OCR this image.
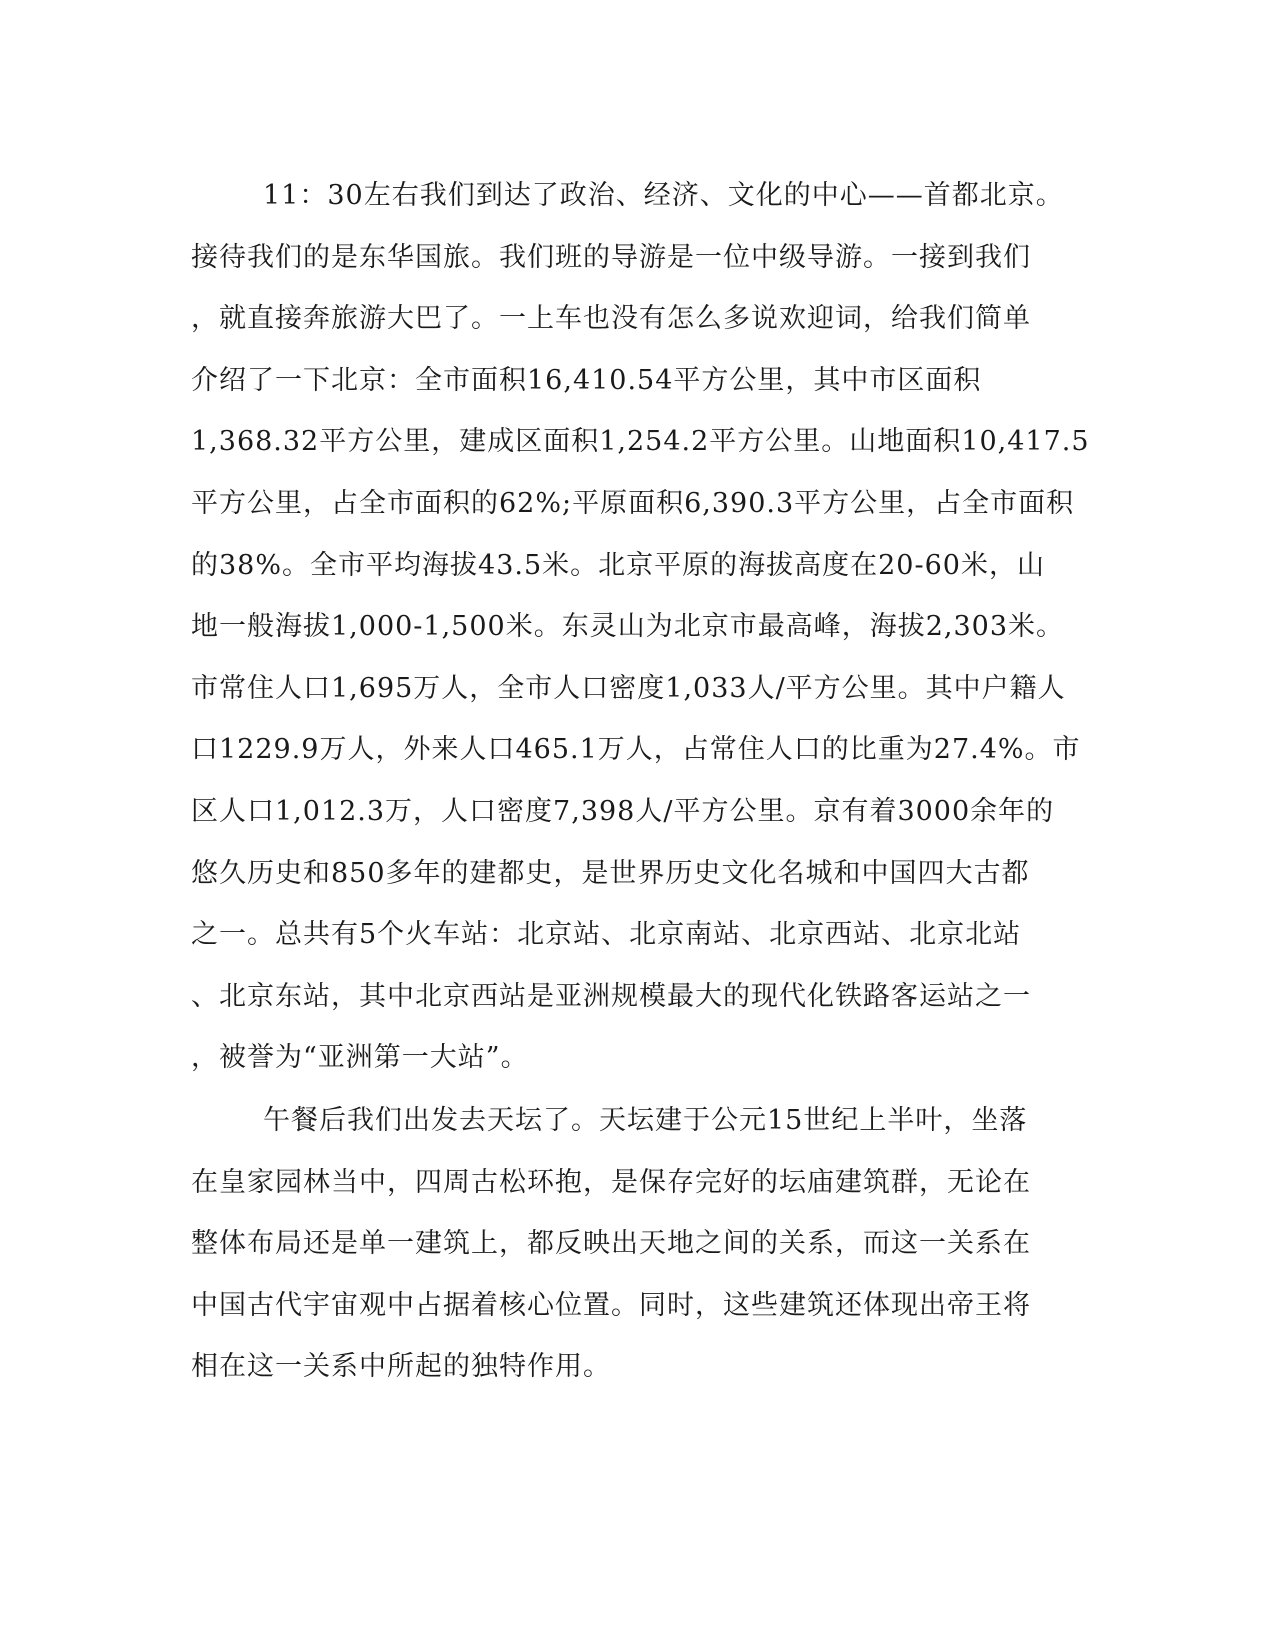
11：30左右我们到达了政治、经济、文化的中心——首都北京。
接待我们的是东华国旅。我们班的导游是一位中级导游。一接到我们
，就直接奔旅游大巴了。一上车也没有怎么多说欢迎词，给我们简单
介绍了一下北京：全市面积16,410.54平方公里，其中市区面积
1,368.32平方公里，建成区面积1,254.2平方公里。山地面积10,417.5
平方公里，占全市面积的62%;平原面积6,390.3平方公里，占全市面积
的38%。全市平均海拔43.5米。北京平原的海拔高度在20-60米，山
地一般海拔1,000-1,500米。东灵山为北京市最高峰，海拔2,303米。
市常住人口1,695万人，全市人口密度1,033人/平方公里。其中户籍人
口1229.9万人，外来人口465.1万人，占常住人口的比重为27.4%。市
区人口1,012.3万，人口密度7,398人/平方公里。京有着3000余年的
悠久历史和850多年的建都史，是世界历史文化名城和中国四大古都
之一。总共有5个火车站：北京站、北京南站、北京西站、北京北站
、北京东站，其中北京西站是亚洲规模最大的现代化铁路客运站之一
，被誉为“亚洲第一大站”。
午餐后我们出发去天坛了。天坛建于公元15世纪上半叶，坐落
在皇家园林当中，四周古松环抱，是保存完好的坛庙建筑群，无论在
整体布局还是单一建筑上，都反映出天地之间的关系，而这一关系在
中国古代宇宙观中占据着核心位置。同时，这些建筑还体现出帝王将
相在这一关系中所起的独特作用。
